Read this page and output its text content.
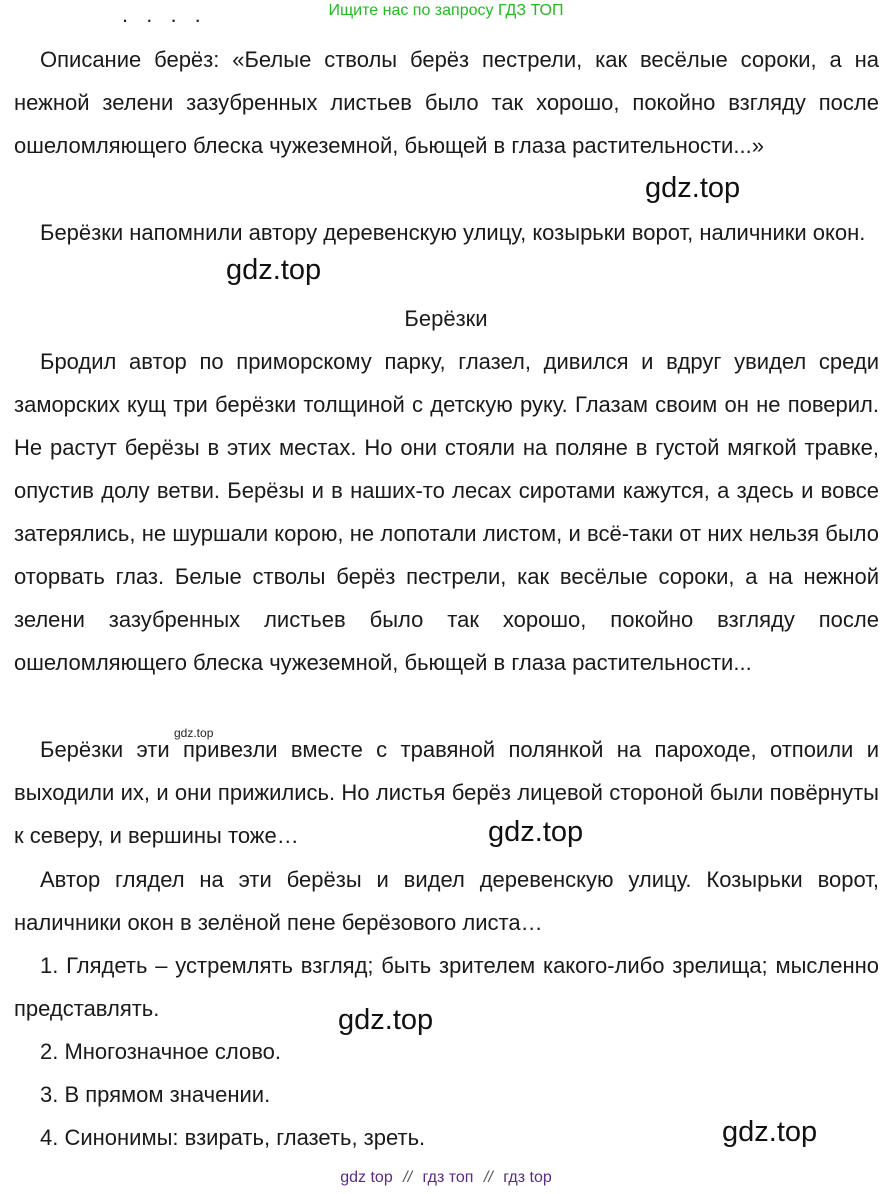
. . . .	Ищите нас по запросу ГДЗ ТОП

Описание берёз: «Белые стволы берёз пестрели, как весёлые сороки, а на нежной зелени зазубренных листьев было так хорошо, покойно взгляду после ошеломляющего блеска чужеземной, бьющей в глаза растительности...»

gdz.top

Берёзки напомнили автору деревенскую улицу, козырьки ворот, наличники окон.

gdz.top
Берёзки

Бродил автор по приморскому парку, глазел, дивился и вдруг увидел среди заморских кущ три берёзки толщиной с детскую руку. Глазам своим он не поверил. Не растут берёзы в этих местах. Но они стояли на поляне в густой мягкой травке, опустив долу ветви. Берёзы и в наших-то лесах сиротами кажутся, а здесь и вовсе затерялись, не шуршали корою, не лопотали листом, и всё-таки от них нельзя было оторвать глаз. Белые стволы берёз пестрели, как весёлые сороки, а на нежной зелени зазубренных листьев было так хорошо, покойно взгляду после ошеломляющего блеска чужеземной, бьющей в глаза растительности...

gdz.top

Берёзки эти привезли вместе с травяной полянкой на пароходе, отпоили и выходили их, и они прижились. Но листья берёз лицевой стороной были повёрнуты к северу, и вершины тоже…	gdz.top

Автор глядел на эти берёзы и видел деревенскую улицу. Козырьки ворот, наличники окон в зелёной пене берёзового листа…

1. Глядеть – устремлять взгляд; быть зрителем какого-либо зрелища; мысленно представлять.	gdz.top

2. Многозначное слово.

3. В прямом значении.

4. Синонимы: взирать, глазеть, зреть.	gdz.top
gdz top // гдз топ // гдз top
